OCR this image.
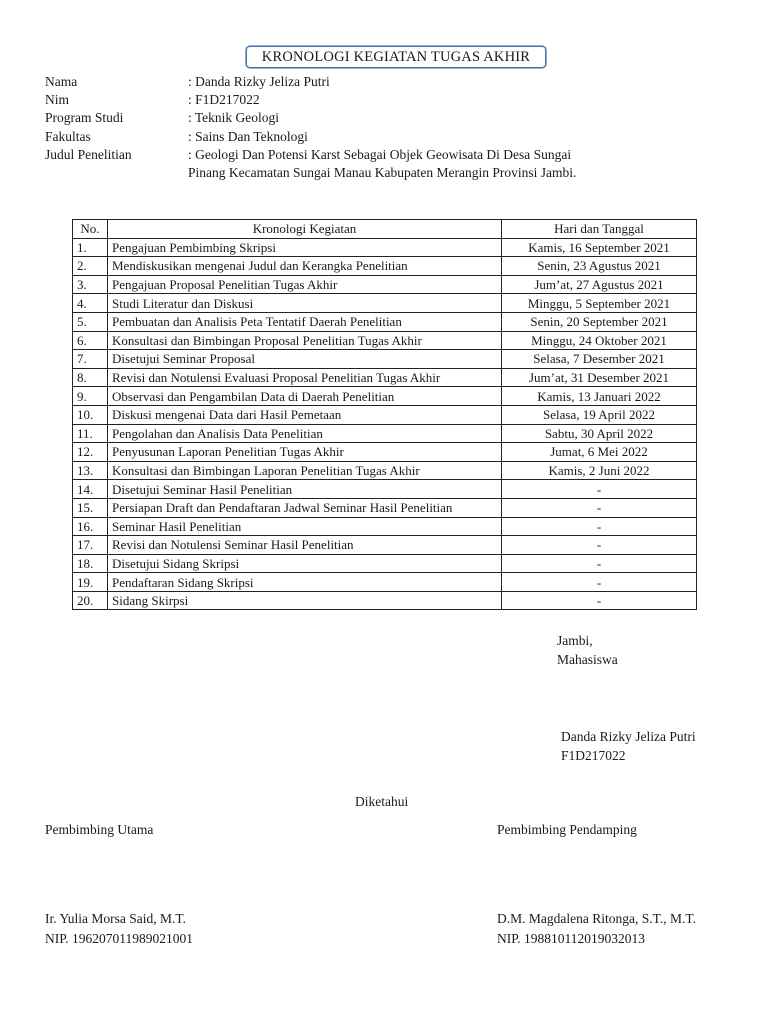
KRONOLOGI KEGIATAN TUGAS AKHIR
Nama	: Danda Rizky Jeliza Putri
Nim	: F1D217022
Program Studi	: Teknik Geologi
Fakultas	: Sains Dan Teknologi
Judul Penelitian	: Geologi Dan Potensi Karst Sebagai Objek Geowisata Di Desa Sungai
Pinang Kecamatan Sungai Manau Kabupaten Merangin Provinsi Jambi.
No.	Kronologi Kegiatan	Hari dan Tanggal
1.	Pengajuan Pembimbing Skripsi	Kamis, 16 September 2021
2.	Mendiskusikan mengenai Judul dan Kerangka Penelitian	Senin, 23 Agustus 2021
3.	Pengajuan Proposal Penelitian Tugas Akhir	Jum’at, 27 Agustus 2021
4.	Studi Literatur dan Diskusi	Minggu, 5 September 2021
5.	Pembuatan dan Analisis Peta Tentatif Daerah Penelitian	Senin, 20 September 2021
6.	Konsultasi dan Bimbingan Proposal Penelitian Tugas Akhir	Minggu, 24 Oktober 2021
7.	Disetujui Seminar Proposal	Selasa, 7 Desember 2021
8.	Revisi dan Notulensi Evaluasi Proposal Penelitian Tugas Akhir	Jum’at, 31 Desember 2021
9.	Observasi dan Pengambilan Data di Daerah Penelitian	Kamis, 13 Januari 2022
10.	Diskusi mengenai Data dari Hasil Pemetaan	Selasa, 19 April 2022
11.	Pengolahan dan Analisis Data Penelitian	Sabtu, 30 April 2022
12.	Penyusunan Laporan Penelitian Tugas Akhir	Jumat, 6 Mei 2022
13.	Konsultasi dan Bimbingan Laporan Penelitian Tugas Akhir	Kamis, 2 Juni 2022
14.	Disetujui Seminar Hasil Penelitian	-
15.	Persiapan Draft dan Pendaftaran Jadwal Seminar Hasil Penelitian	-
16.	Seminar Hasil Penelitian	-
17.	Revisi dan Notulensi Seminar Hasil Penelitian	-
18.	Disetujui Sidang Skripsi	-
19.	Pendaftaran Sidang Skripsi	-
20.	Sidang Skirpsi	-
Jambi,
Mahasiswa
Danda Rizky Jeliza Putri
F1D217022
Diketahui
Pembimbing Utama	Pembimbing Pendamping
Ir. Yulia Morsa Said, M.T.
NIP. 196207011989021001
D.M. Magdalena Ritonga, S.T., M.T.
NIP. 198810112019032013
